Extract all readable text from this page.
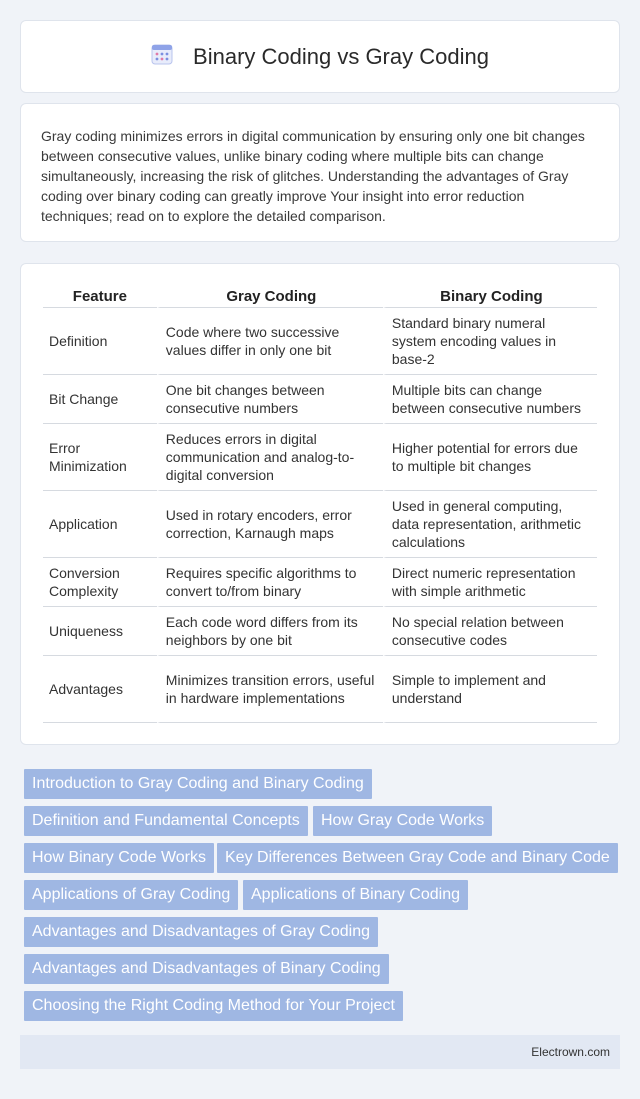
Binary Coding vs Gray Coding

Gray coding minimizes errors in digital communication by ensuring only one bit changes between consecutive values, unlike binary coding where multiple bits can change simultaneously, increasing the risk of glitches. Understanding the advantages of Gray coding over binary coding can greatly improve Your insight into error reduction techniques; read on to explore the detailed comparison.

Feature	Gray Coding	Binary Coding
Definition	Code where two successive values differ in only one bit	Standard binary numeral system encoding values in base-2
Bit Change	One bit changes between consecutive numbers	Multiple bits can change between consecutive numbers
Error Minimization	Reduces errors in digital communication and analog-to-digital conversion	Higher potential for errors due to multiple bit changes
Application	Used in rotary encoders, error correction, Karnaugh maps	Used in general computing, data representation, arithmetic calculations
Conversion Complexity	Requires specific algorithms to convert to/from binary	Direct numeric representation with simple arithmetic
Uniqueness	Each code word differs from its neighbors by one bit	No special relation between consecutive codes
Advantages	Minimizes transition errors, useful in hardware implementations	Simple to implement and understand
Introduction to Gray Coding and Binary Coding
Definition and Fundamental Concepts	How Gray Code Works
How Binary Code Works	Key Differences Between Gray Code and Binary Code
Applications of Gray Coding	Applications of Binary Coding
Advantages and Disadvantages of Gray Coding
Advantages and Disadvantages of Binary Coding
Choosing the Right Coding Method for Your Project
Electrown.com
